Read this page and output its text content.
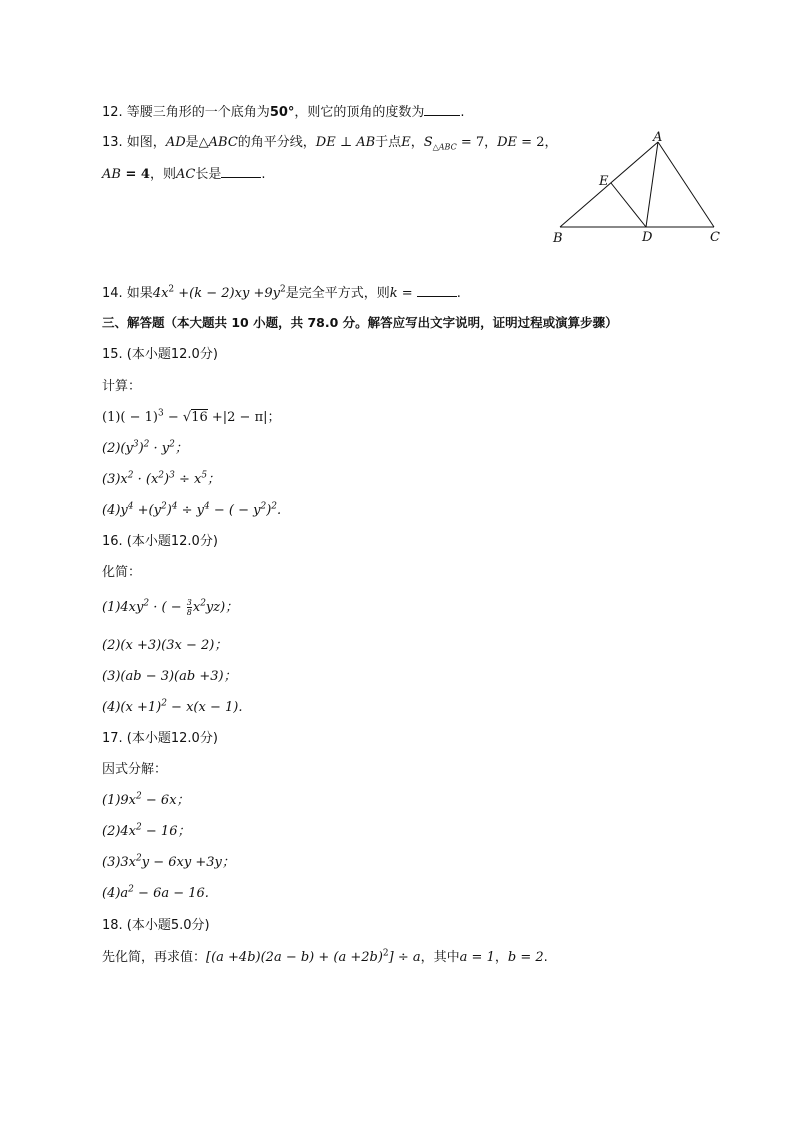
12. 等腰三角形的一个底角为50°，则它的顶角的度数为	.
13. 如图，AD是△ABC的角平分线，DE ⊥ AB于点E，$S_{\triangle ABC} = 7$，DE = 2，
AB = 4，则AC长是	.
A
B	C
D
E
14. 如果$4x^2 +(k - 2)xy +9y^2$是完全平方式，则k =	.
三、解答题（本大题共 10 小题，共 78.0 分。解答应写出文字说明，证明过程或演算步骤）
15. (本小题12.0分)
计算：
$(1)( - 1)^3 - √16 +|2 - \pi|$；
$(2)(y^3)^2 \cdot y^2$；
$(3)x^2 \cdot (x^2)^3 \div x^5$；
$(4)y^4 +(y^2)^4 \div y^4$ − ( − $y^2)^2$.
16. (本小题12.0分)
化简：
$(1)4xy^2$ · ( − $\frac{3}{8} x^2yz$)；
(2)(x +3)(3x − 2)；
(3)(ab − 3)(ab +3)；
$(4)(x +1)^2 - x(x - 1)$.
17. (本小题12.0分)
因式分解：
$(1)9x^2 - 6x$；
$(2)4x^2 - 16$；
$(3)3x^2y - 6xy +3y$；
$(4)a^2 - 6a - 16$.
18. (本小题5.0分)
先化简，再求值：$[(a +4b)(2a - b) + (a +2b)^2] \div a$，其中a = 1，b = 2.
